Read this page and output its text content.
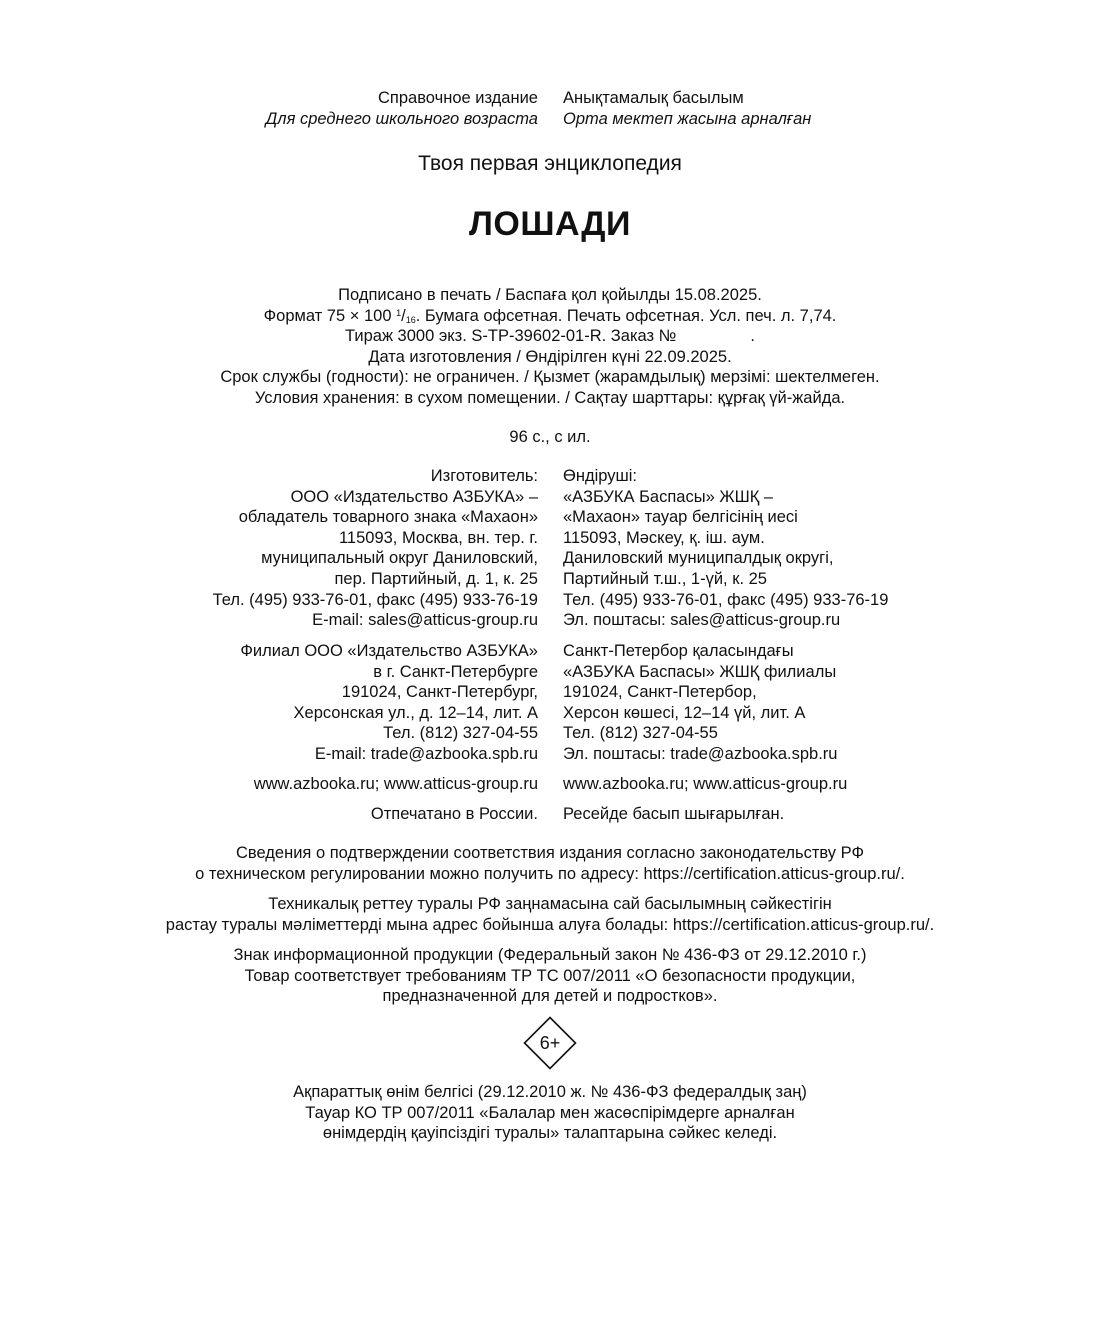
Справочное издание Анықтамалық басылым
Для среднего школьного возраста Орта мектеп жасына арналған
Твоя первая энциклопедия
ЛОШАДИ
Подписано в печать / Баспаға қол қойылды 15.08.2025.
Формат 75 × 100 $^1/_{16}$. Бумага офсетная. Печать офсетная. Усл. печ. л. 7,74.
Тираж 3000 экз. S-TP-39602-01-R. Заказ №	.
Дата изготовления / Өндірілген күні 22.09.2025.
Срок службы (годности): не ограничен. / Қызмет (жарамдылық) мерзімі: шектелмеген.
Условия хранения: в сухом помещении. / Сақтау шарттары: құрғақ үй-жайда.
96 с., с ил.
Изготовитель: Өндіруші:
ООО «Издательство АЗБУКА» – «АЗБУКА Баспасы» ЖШҚ –
обладатель товарного знака «Махаон» «Махаон» тауар белгісінің иесі
115093, Москва, вн. тер. г. 115093, Мәскеу, қ. іш. аум.
муниципальный округ Даниловский, Даниловский муниципалдық округі,
пер. Партийный, д. 1, к. 25 Партийный т.ш., 1-үй, к. 25
Тел. (495) 933-76-01, факс (495) 933-76-19 Тел. (495) 933-76-01, факс (495) 933-76-19
E-mail: sales@atticus-group.ru Эл. поштасы: sales@atticus-group.ru
Филиал ООО «Издательство АЗБУКА» Санкт-Петербор қаласындағы
в г. Санкт-Петербурге «АЗБУКА Баспасы» ЖШҚ филиалы
191024, Санкт-Петербург, 191024, Санкт-Петербор,
Херсонская ул., д. 12–14, лит. А Херсон көшесі, 12–14 үй, лит. А
Тел. (812) 327-04-55 Тел. (812) 327-04-55
E-mail: trade@azbooka.spb.ru Эл. поштасы: trade@azbooka.spb.ru
www.azbooka.ru; www.atticus-group.ru www.azbooka.ru; www.atticus-group.ru
Отпечатано в России. Ресейде басып шығарылған.
Сведения о подтверждении соответствия издания согласно законодательству РФ
о техническом регулировании можно получить по адресу: https://certification.atticus-group.ru/.
Техникалық реттеу туралы РФ заңнамасына сай басылымның сәйкестігін
растау туралы мәліметтерді мына адрес бойынша алуға болады: https://certification.atticus-group.ru/.
Знак информационной продукции (Федеральный закон № 436-ФЗ от 29.12.2010 г.)
Товар соответствует требованиям ТР ТС 007/2011 «О безопасности продукции,
предназначенной для детей и подростков».
6+
Ақпараттық өнім белгісі (29.12.2010 ж. № 436-ФЗ федералдық заң)
Тауар КО ТР 007/2011 «Балалар мен жасөспірімдерге арналған
өнімдердің қауіпсіздігі туралы» талаптарына сәйкес келеді.
